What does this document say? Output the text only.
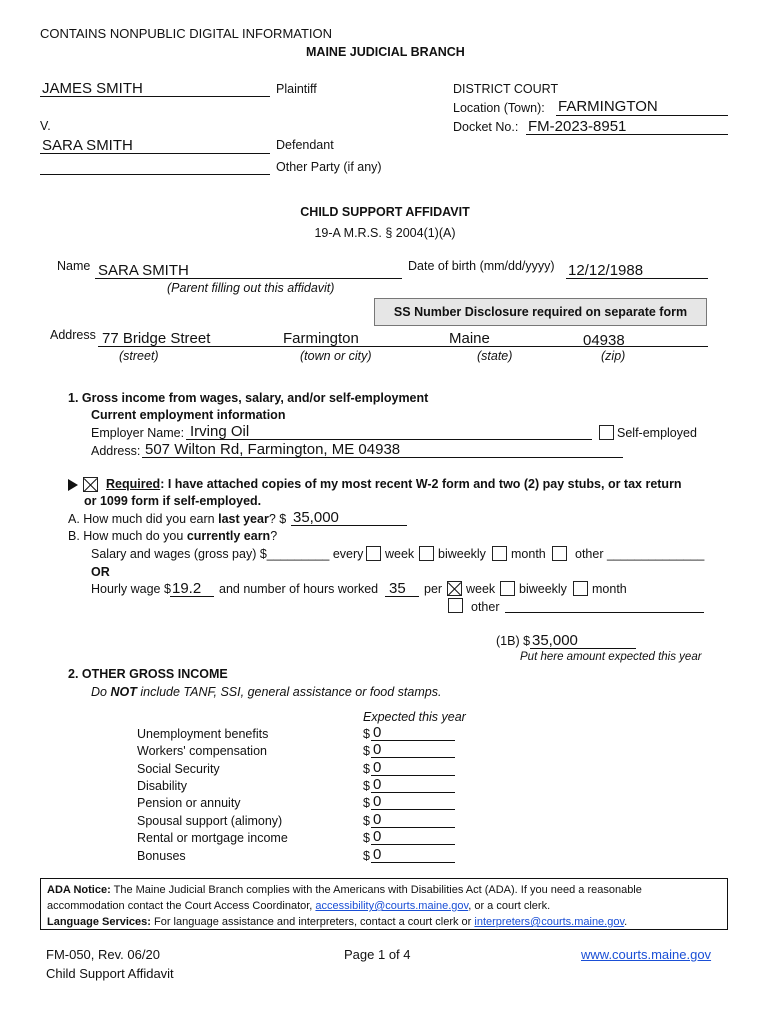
CONTAINS NONPUBLIC DIGITAL INFORMATION
MAINE JUDICIAL BRANCH
JAMES SMITH	Plaintiff
V.
SARA SMITH	Defendant
Other Party (if any)
DISTRICT COURT
Location (Town): FARMINGTON
Docket No.: FM-2023-8951
CHILD SUPPORT AFFIDAVIT
19-A M.R.S. § 2004(1)(A)
Name SARA SMITH
(Parent filling out this affidavit)
Date of birth (mm/dd/yyyy) 12/12/1988
SS Number Disclosure required on separate form
Address 77 Bridge Street	Farmington	Maine	04938
(street)	(town or city)	(state)	(zip)
1. Gross income from wages, salary, and/or self-employment
Current employment information
Employer Name: Irving Oil	Self-employed
Address: 507 Wilton Rd, Farmington, ME 04938
Required: I have attached copies of my most recent W-2 form and two (2) pay stubs, or tax return
or 1099 form if self-employed.
A. How much did you earn last year? $ 35,000
B. How much do you currently earn?
Salary and wages (gross pay) $_________ every week biweekly month other ______________
OR
Hourly wage $ 19.2 and number of hours worked 35 per week biweekly month
other
(1B) $ 35,000
Put here amount expected this year
2. OTHER GROSS INCOME
Do NOT include TANF, SSI, general assistance or food stamps.
Expected this year
Unemployment benefits	$ 0
Workers' compensation	$ 0
Social Security	$ 0
Disability	$ 0
Pension or annuity	$ 0
Spousal support (alimony)	$ 0
Rental or mortgage income	$ 0
Bonuses	$ 0
ADA Notice: The Maine Judicial Branch complies with the Americans with Disabilities Act (ADA). If you need a reasonable accommodation contact the Court Access Coordinator, accessibility@courts.maine.gov, or a court clerk.
Language Services: For language assistance and interpreters, contact a court clerk or interpreters@courts.maine.gov.
FM-050, Rev. 06/20
Child Support Affidavit
Page 1 of 4	www.courts.maine.gov
